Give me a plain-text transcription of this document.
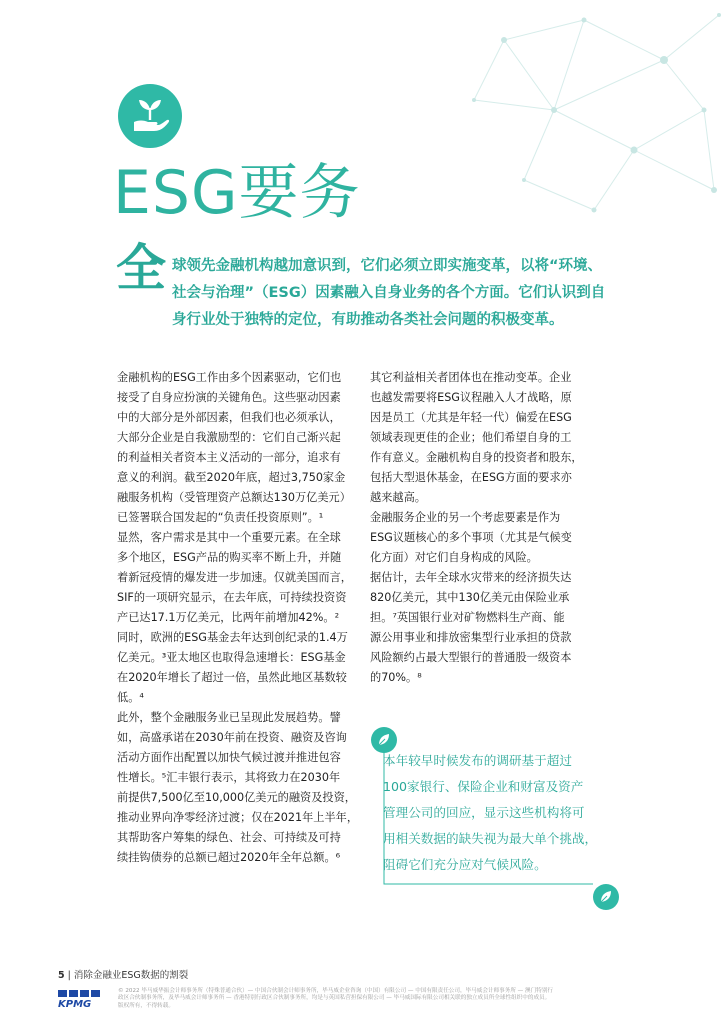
ESG要务
全 球领先金融机构越加意识到，它们必须立即实施变革，以将“环境、
社会与治理”（ESG）因素融入自身业务的各个方面。它们认识到自
身行业处于独特的定位，有助推动各类社会问题的积极变革。
金融机构的ESG工作由多个因素驱动，它们也
接受了自身应扮演的关键角色。这些驱动因素
中的大部分是外部因素，但我们也必须承认，
大部分企业是自我激励型的：它们自己渐兴起
的利益相关者资本主义活动的一部分，追求有
意义的利润。截至2020年底，超过3,750家金
融服务机构（受管理资产总额达130万亿美元）
已签署联合国发起的“负责任投资原则”。¹
显然，客户需求是其中一个重要元素。在全球
多个地区，ESG产品的购买率不断上升，并随
着新冠疫情的爆发进一步加速。仅就美国而言，
SIF的一项研究显示，在去年底，可持续投资资
产已达17.1万亿美元，比两年前增加42%。²
同时，欧洲的ESG基金去年达到创纪录的1.4万
亿美元。³亚太地区也取得急速增长：ESG基金
在2020年增长了超过一倍，虽然此地区基数较
低。⁴
此外，整个金融服务业已呈现此发展趋势。譬
如，高盛承诺在2030年前在投资、融资及咨询
活动方面作出配置以加快气候过渡并推进包容
性增长。⁵汇丰银行表示，其将致力在2030年
前提供7,500亿至10,000亿美元的融资及投资，
推动业界向净零经济过渡；仅在2021年上半年，
其帮助客户筹集的绿色、社会、可持续及可持
续挂钩债券的总额已超过2020年全年总额。⁶
其它利益相关者团体也在推动变革。企业
也越发需要将ESG议程融入人才战略，原
因是员工（尤其是年轻一代）偏爱在ESG
领域表现更佳的企业；他们希望自身的工
作有意义。金融机构自身的投资者和股东，
包括大型退休基金，在ESG方面的要求亦
越来越高。
金融服务企业的另一个考虑要素是作为
ESG议题核心的多个事项（尤其是气候变
化方面）对它们自身构成的风险。
据估计，去年全球水灾带来的经济损失达
820亿美元，其中130亿美元由保险业承
担。⁷英国银行业对矿物燃料生产商、能
源公用事业和排放密集型行业承担的贷款
风险额约占最大型银行的普通股一级资本
的70%。⁸
本年较早时候发布的调研基于超过
100家银行、保险企业和财富及资产
管理公司的回应，显示这些机构将可
用相关数据的缺失视为最大单个挑战，
阻碍它们充分应对气候风险。
5 | 消除金融业ESG数据的割裂
KPMG
© 2022 毕马威华振会计师事务所（特殊普通合伙）— 中国合伙制会计师事务所，毕马威企业咨询（中国）有限公司 — 中国有限责任公司，毕马威会计师事务所 — 澳门特别行
政区合伙制事务所，及毕马威会计师事务所 — 香港特别行政区合伙制事务所，均是与英国私营担保有限公司 — 毕马威国际有限公司相关联的独立成员所全球性组织中的成员。
版权所有，不得转载。
